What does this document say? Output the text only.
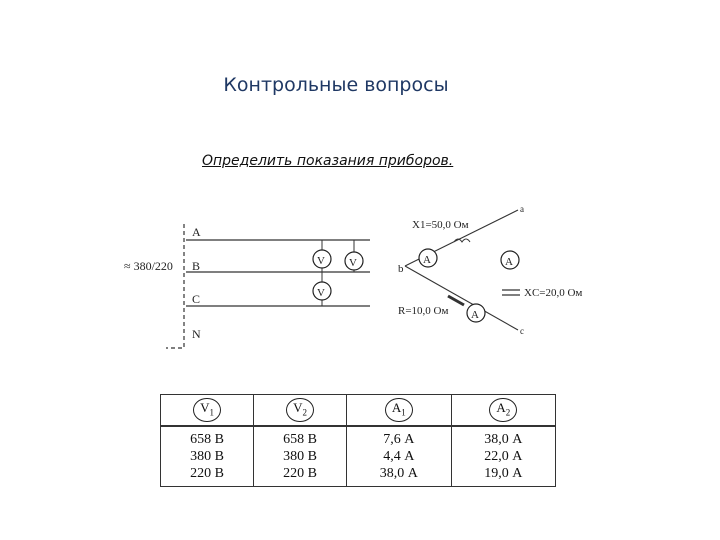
Контрольные вопросы
Определить показания приборов.
≈ 380/220
A
B
C
N
V V
V
b
a
c
A	A
A
X1=50,0 Ом
XC=20,0 Ом
R=10,0 Ом
$V_1$	$V_2$	$A_1$	$A_2$
658 В	658 В	7,6 А	38,0 А
380 В	380 В	4,4 А	22,0 А
220 В	220 В	38,0 А	19,0 А
